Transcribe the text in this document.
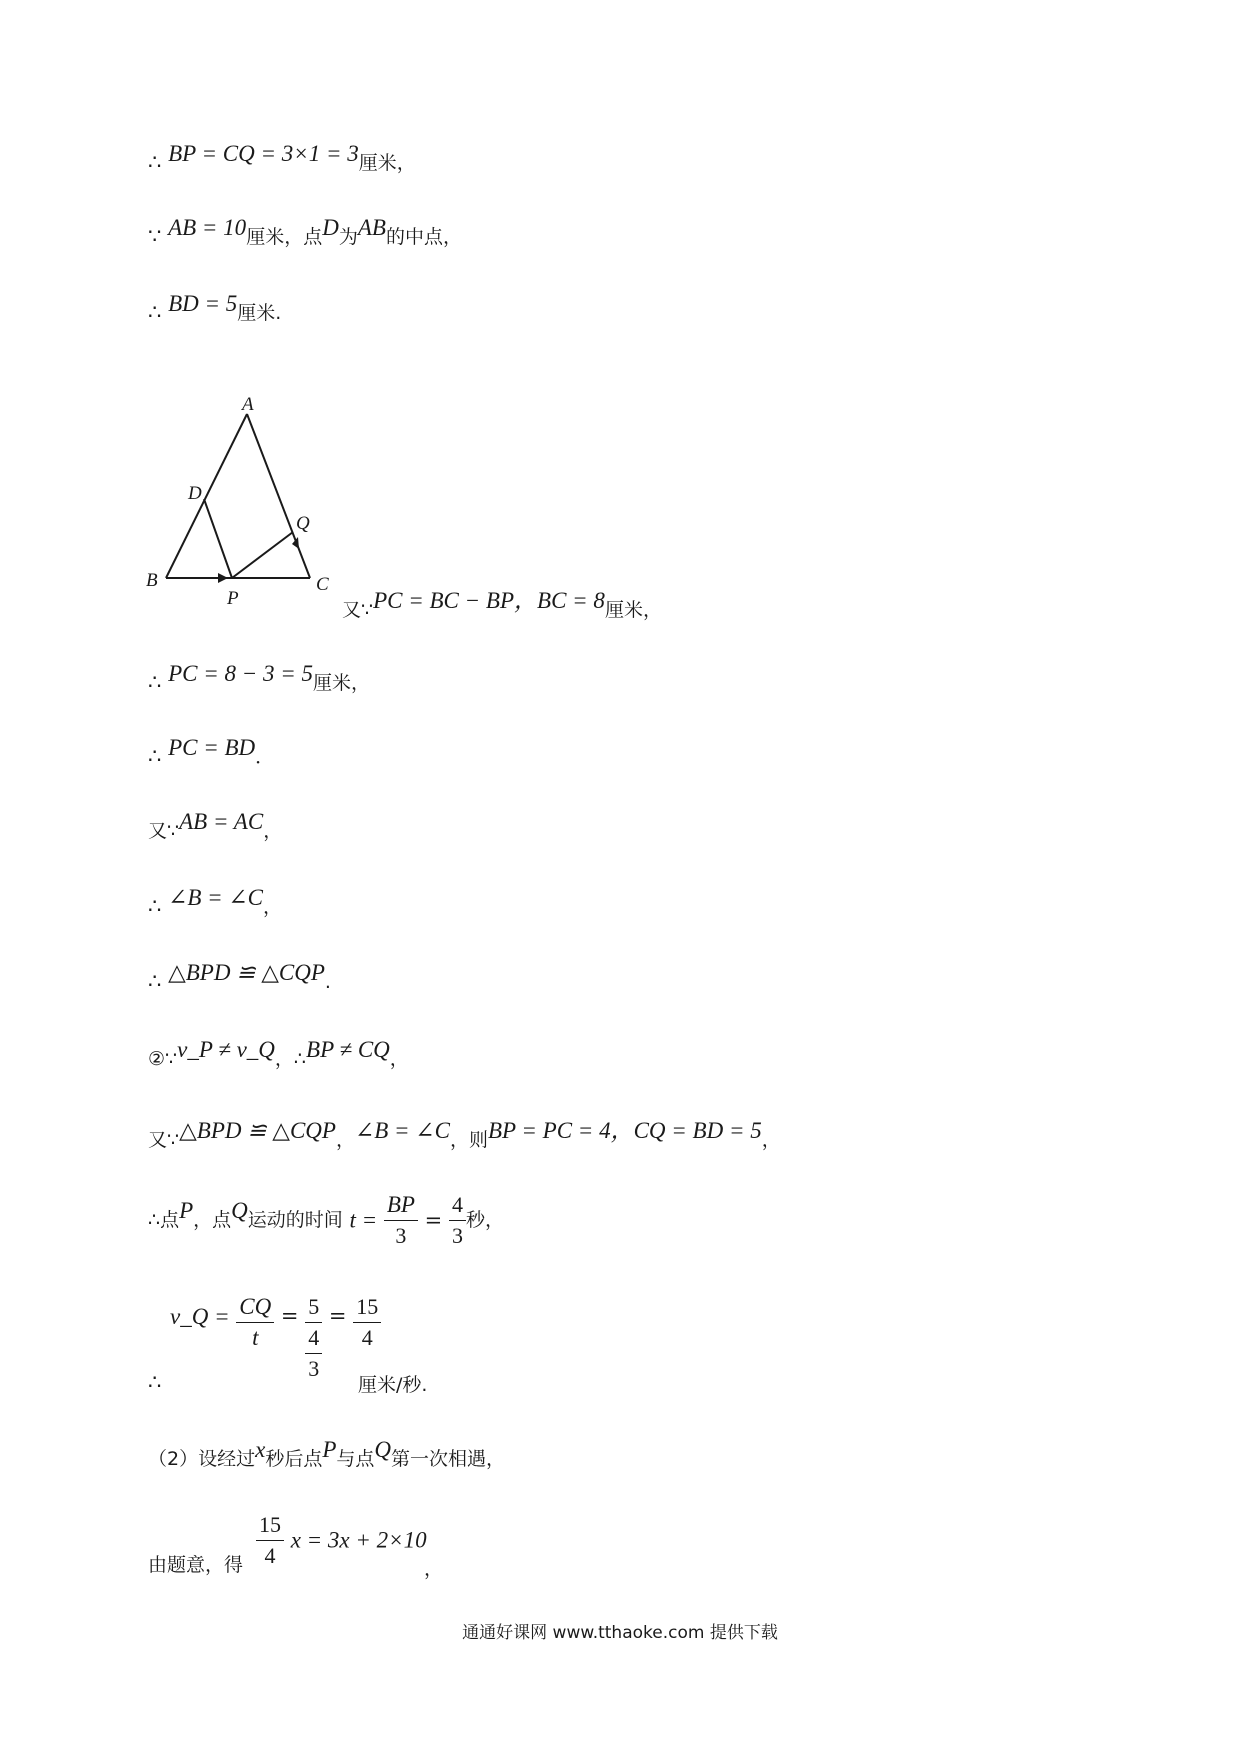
∴ BP = CQ = 3×1 = 3厘米，
∵ AB = 10厘米，点D为AB的中点，
∴ BD = 5厘米.
A
B	C
D
P
Q
又∵PC = BC − BP，BC = 8厘米，
∴ PC = 8 − 3 = 5厘米，
∴ PC = BD．
又∵AB = AC，
∴ ∠B = ∠C，
∴ △BPD ≌ △CQP.
②∵v_P ≠ v_Q，∴BP ≠ CQ，
又∵△BPD ≌ △CQP，∠B = ∠C，则BP = PC = 4，CQ = BD = 5，
∴点P，点Q运动的时间 $t = \frac{BP}{3} = \frac{4}{3}$ 秒，
∴
v_Q = $\frac{CQ}{t} = 5$
4
3
= $\frac{15}{4}$
厘米/秒.
（2）设经过x秒后点P与点Q第一次相遇，
由题意，得 $\frac{15}{4}$ x = 3x + 2×10
，
通通好课网 www.tthaoke.com 提供下载
